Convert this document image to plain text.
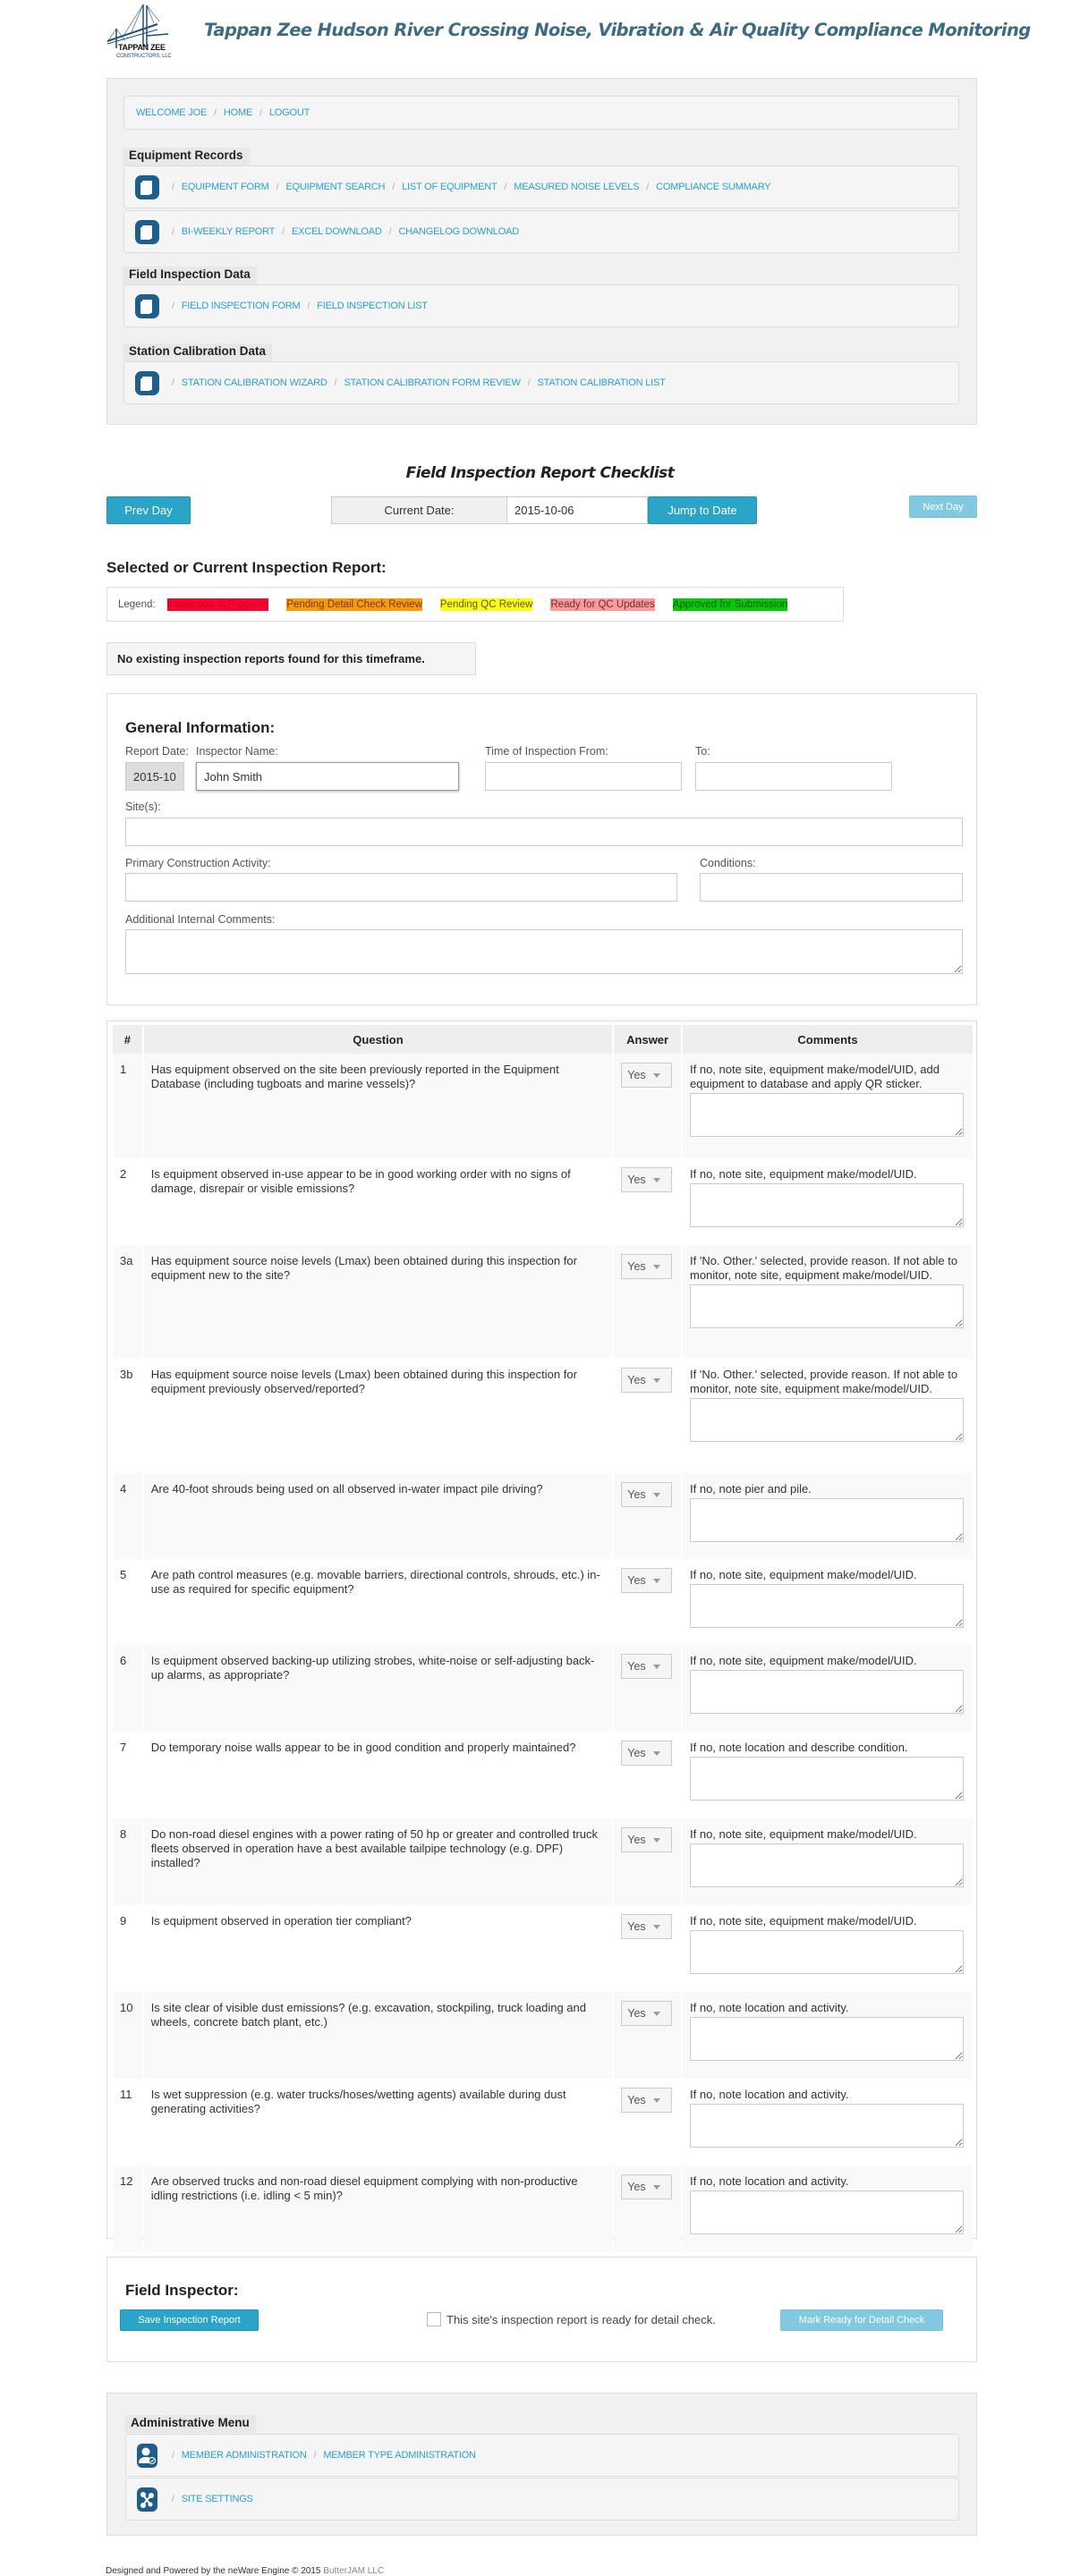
TAPPAN ZEE
CONSTRUCTORS, LLC
Tappan Zee Hudson River Crossing Noise, Vibration & Air Quality Compliance Monitoring
WELCOME JOE / HOME / LOGOUT
Equipment Records
/ EQUIPMENT FORM / EQUIPMENT SEARCH / LIST OF EQUIPMENT / MEASURED NOISE LEVELS / COMPLIANCE SUMMARY
/ BI-WEEKLY REPORT / EXCEL DOWNLOAD / CHANGELOG DOWNLOAD
Field Inspection Data
/ FIELD INSPECTION FORM / FIELD INSPECTION LIST
Station Calibration Data
/ STATION CALIBRATION WIZARD / STATION CALIBRATION FORM REVIEW / STATION CALIBRATION LIST
Field Inspection Report Checklist
Prev Day	Current Date:
2015-10-06	Jump to Date	Next Day
Selected or Current Inspection Report:
Legend: Inspection in Progress Pending Detail Check Review Pending QC Review Ready for QC Updates Approved for Submission
No existing inspection reports found for this timeframe.
General Information:
Report Date:
2015-10-06 Inspector Name:
John Smith	Time of Inspection From:	To:
Site(s):
Primary Construction Activity:	Conditions:
Additional Internal Comments:
#	Question	Answer	Comments
1	Has equipment observed on the site been previously reported in the Equipment Database (including tugboats and marine vessels)?	Yes	If no, note site, equipment make/model/UID, add equipment to database and apply QR sticker.

2	Is equipment observed in-use appear to be in good working order with no signs of damage, disrepair or visible emissions?	Yes	If no, note site, equipment make/model/UID.

3a	Has equipment source noise levels (Lmax) been obtained during this inspection for equipment new to the site?	Yes	If 'No. Other.' selected, provide reason. If not able to monitor, note site, equipment make/model/UID.

3b	Has equipment source noise levels (Lmax) been obtained during this inspection for equipment previously observed/reported?	Yes	If 'No. Other.' selected, provide reason. If not able to monitor, note site, equipment make/model/UID.

4	Are 40-foot shrouds being used on all observed in-water impact pile driving?	Yes	If no, note pier and pile.

5	Are path control measures (e.g. movable barriers, directional controls, shrouds, etc.) in-use as required for specific equipment?	Yes	If no, note site, equipment make/model/UID.

6	Is equipment observed backing-up utilizing strobes, white-noise or self-adjusting back-up alarms, as appropriate?	Yes	If no, note site, equipment make/model/UID.

7	Do temporary noise walls appear to be in good condition and properly maintained?	Yes	If no, note location and describe condition.

8	Do non-road diesel engines with a power rating of 50 hp or greater and controlled truck fleets observed in operation have a best available tailpipe technology (e.g. DPF) installed?	Yes	If no, note site, equipment make/model/UID.

9	Is equipment observed in operation tier compliant?	Yes	If no, note site, equipment make/model/UID.

10	Is site clear of visible dust emissions? (e.g. excavation, stockpiling, truck loading and wheels, concrete batch plant, etc.)	Yes	If no, note location and activity.

11	Is wet suppression (e.g. water trucks/hoses/wetting agents) available during dust generating activities?	Yes	If no, note location and activity.

12	Are observed trucks and non-road diesel equipment complying with non-productive idling restrictions (i.e. idling < 5 min)?	Yes	If no, note location and activity.
Field Inspector:
Save Inspection Report	This site's inspection report is ready for detail check.	Mark Ready for Detail Check
Administrative Menu
/ MEMBER ADMINISTRATION / MEMBER TYPE ADMINISTRATION
/ SITE SETTINGS
Designed and Powered by the neWare Engine © 2015 ButterJAM LLC
